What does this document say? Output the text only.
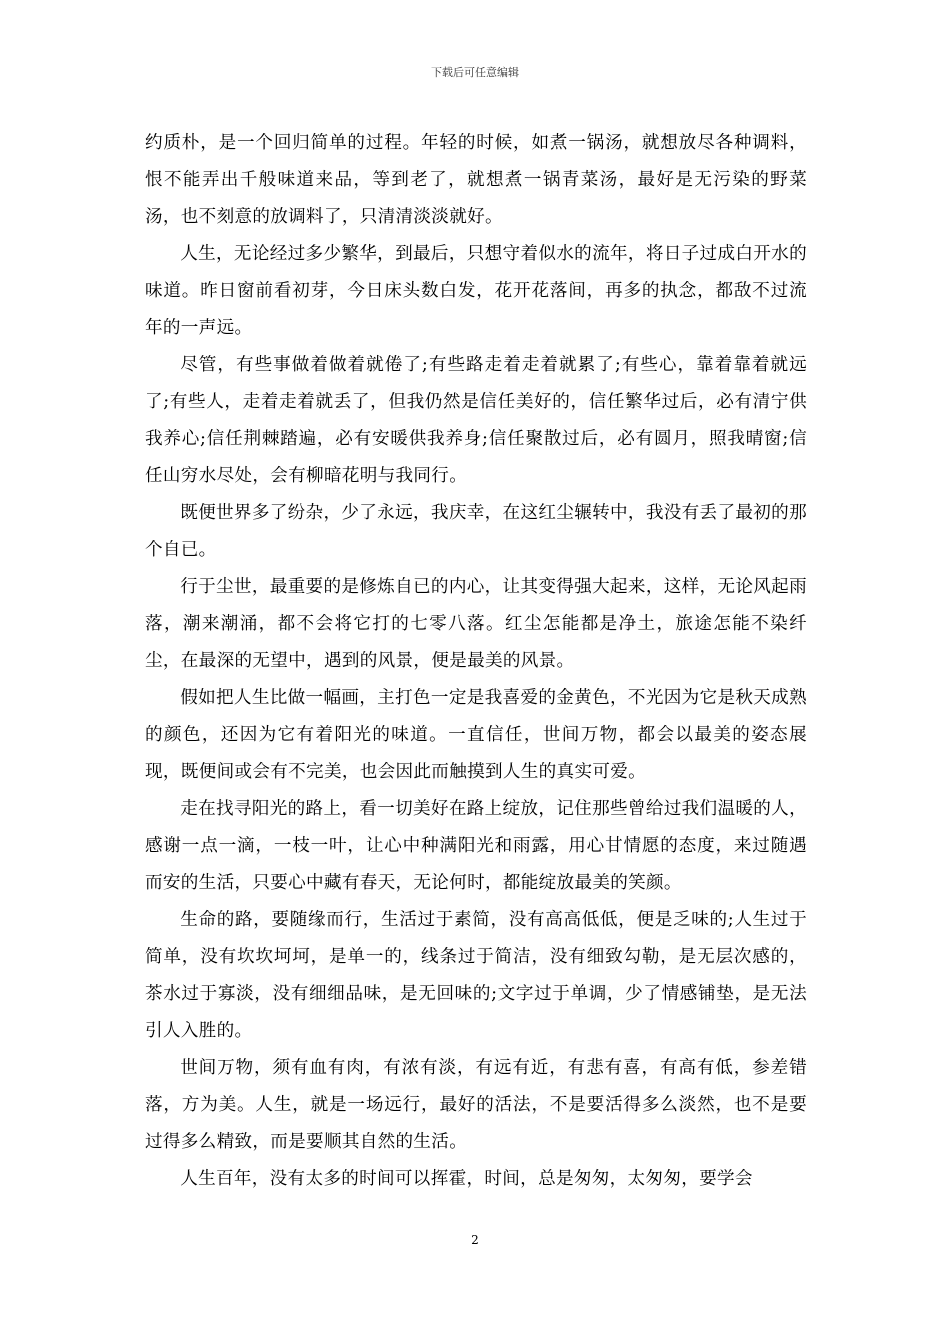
下载后可任意编辑

约质朴，是一个回归简单的过程。年轻的时候，如煮一锅汤，就想放尽各种调料，恨不能弄出千般味道来品，等到老了，就想煮一锅青菜汤，最好是无污染的野菜汤，也不刻意的放调料了，只清清淡淡就好。

人生，无论经过多少繁华，到最后，只想守着似水的流年，将日子过成白开水的味道。昨日窗前看初芽，今日床头数白发，花开花落间，再多的执念，都敌不过流年的一声远。

尽管，有些事做着做着就倦了;有些路走着走着就累了;有些心，靠着靠着就远了;有些人，走着走着就丢了，但我仍然是信任美好的，信任繁华过后，必有清宁供我养心;信任荆棘踏遍，必有安暖供我养身;信任聚散过后，必有圆月，照我晴窗;信任山穷水尽处，会有柳暗花明与我同行。

既便世界多了纷杂，少了永远，我庆幸，在这红尘辗转中，我没有丢了最初的那个自已。

行于尘世，最重要的是修炼自已的内心，让其变得强大起来，这样，无论风起雨落，潮来潮涌，都不会将它打的七零八落。红尘怎能都是净土，旅途怎能不染纤尘，在最深的无望中，遇到的风景，便是最美的风景。

假如把人生比做一幅画，主打色一定是我喜爱的金黄色，不光因为它是秋天成熟的颜色，还因为它有着阳光的味道。一直信任，世间万物，都会以最美的姿态展现，既便间或会有不完美，也会因此而触摸到人生的真实可爱。

走在找寻阳光的路上，看一切美好在路上绽放，记住那些曾给过我们温暖的人，感谢一点一滴，一枝一叶，让心中种满阳光和雨露，用心甘情愿的态度，来过随遇而安的生活，只要心中藏有春天，无论何时，都能绽放最美的笑颜。

生命的路，要随缘而行，生活过于素简，没有高高低低，便是乏味的;人生过于简单，没有坎坎坷坷，是单一的，线条过于简洁，没有细致勾勒，是无层次感的，茶水过于寡淡，没有细细品味，是无回味的;文字过于单调，少了情感铺垫，是无法引人入胜的。

世间万物，须有血有肉，有浓有淡，有远有近，有悲有喜，有高有低，参差错落，方为美。人生，就是一场远行，最好的活法，不是要活得多么淡然，也不是要过得多么精致，而是要顺其自然的生活。

人生百年，没有太多的时间可以挥霍，时间，总是匆匆，太匆匆，要学会

2
